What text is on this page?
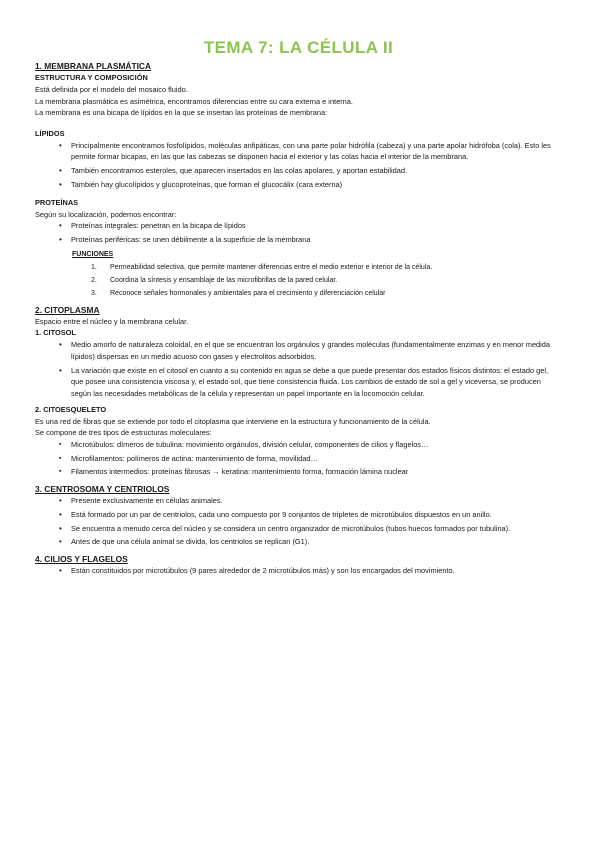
TEMA 7: LA CÉLULA II
1. MEMBRANA PLASMÁTICA
ESTRUCTURA Y COMPOSICIÓN

Está definida por el modelo del mosaico fluido.

La membrana plasmática es asimétrica, encontramos diferencias entre su cara externa e interna.

La membrana es una bicapa de lípidos en la que se insertan las proteínas de membrana:

LÍPIDOS
• Principalmente encontramos fosfolípidos, moléculas anfipáticas, con una parte polar hidrófila (cabeza) y una parte apolar hidrófoba (cola). Esto les permite formar bicapas, en las que las cabezas se disponen hacia el exterior y las colas hacia el interior de la membrana.
• También encontramos esteroles, que aparecen insertados en las colas apolares, y aportan estabilidad.
• También hay glucolípidos y glucoproteínas, que forman el glucocálix (cara externa)
PROTEÍNAS

Según su localización, podemos encontrar:

• Proteínas integrales: penetran en la bicapa de lípidos
• Proteínas periféricas: se unen débilmente a la superficie de la membrana
FUNCIONES
1. Permeabilidad selectiva, que permite mantener diferencias entre el medio exterior e interior de la célula.
2. Coordina la síntesis y ensamblaje de las microfibrillas de la pared celular.
3. Reconoce señales hormonales y ambientales para el crecimiento y diferenciación celular
2. CITOPLASMA

Espacio entre el núcleo y la membrana celular.

1. CITOSOL
• Medio amorfo de naturaleza coloidal, en el que se encuentran los orgánulos y grandes moléculas (fundamentalmente enzimas y en menor medida lípidos) dispersas en un medio acuoso con gases y electrolitos adsorbidos.
• La variación que existe en el citosol en cuanto a su contenido en agua se debe a que puede presentar dos estados físicos distintos: el estado gel, que posee una consistencia viscosa y, el estado sol, que tiene consistencia fluida. Los cambios de estado de sol a gel y viceversa, se producen según las necesidades metabólicas de la célula y representan un papel importante en la locomoción celular.
2. CITOESQUELETO

Es una red de fibras que se extiende por todo el citoplasma que interviene en la estructura y funcionamiento de la célula.

Se compone de tres tipos de estructuras moleculares:

▪ Microtúbulos: dímeros de tubulina: movimiento orgánulos, división celular, componentes de cilios y flagelos…
▪ Microfilamentos: polímeros de actina: mantenimiento de forma, movilidad…
▪ Filamentos intermedios: proteínas fibrosas → keratina: mantenimiento forma, formación lámina nuclear
3. CENTROSOMA Y CENTRIOLOS
• Presente exclusivamente en células animales.
• Está formado por un par de centriolos, cada uno compuesto por 9 conjuntos de tripletes de microtúbulos dispuestos en un anillo.
• Se encuentra a menudo cerca del núcleo y se considera un centro organizador de microtúbulos (tubos huecos formados por tubulina).
• Antes de que una célula animal se divida, los centriolos se replican (G1).
4. CILIOS Y FLAGELOS
• Están constituidos por microtúbulos (9 pares alrededor de 2 microtúbulos más) y son los encargados del movimiento.
